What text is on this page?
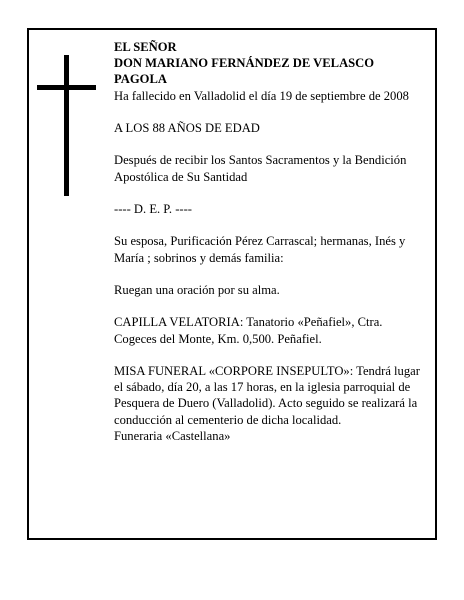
EL SEÑOR

DON MARIANO FERNÁNDEZ DE VELASCO

PAGOLA

Ha fallecido en Valladolid el día 19 de septiembre de 2008

A LOS 88 AÑOS DE EDAD

Después de recibir los Santos Sacramentos y la Bendición Apostólica de Su Santidad

---- D. E. P. ----

Su esposa, Purificación Pérez Carrascal; hermanas, Inés y María ; sobrinos y demás familia:

Ruegan una oración por su alma.

CAPILLA VELATORIA: Tanatorio «Peñafiel», Ctra. Cogeces del Monte, Km. 0,500. Peñafiel.

MISA FUNERAL «CORPORE INSEPULTO»: Tendrá lugar el sábado, día 20, a las 17 horas, en la iglesia parroquial de Pesquera de Duero (Valladolid). Acto seguido se realizará la conducción al cementerio de dicha localidad.

Funeraria «Castellana»
